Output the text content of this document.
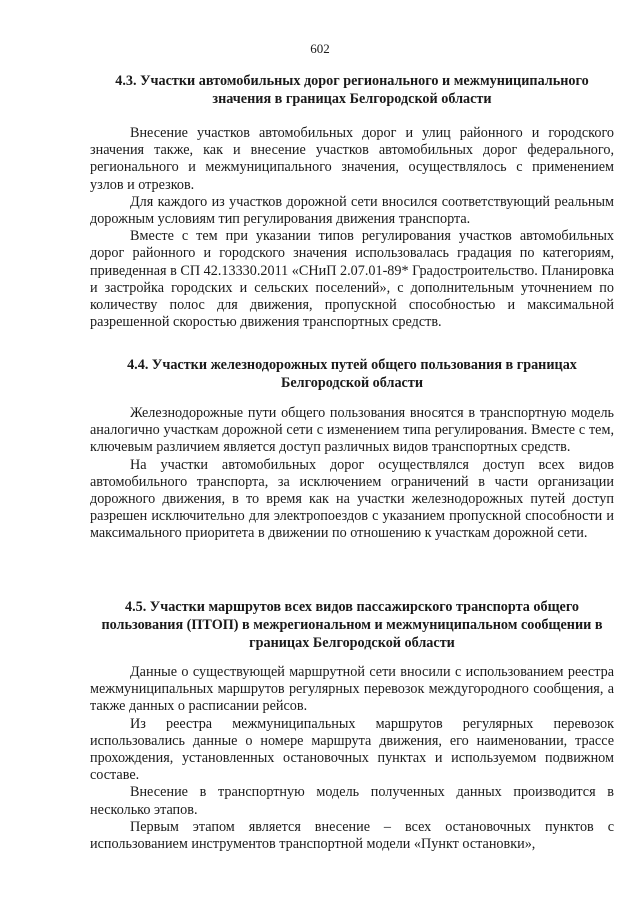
602

4.3. Участки автомобильных дорог регионального и межмуниципального значения в границах Белгородской области

Внесение участков автомобильных дорог и улиц районного и городского значения также, как и внесение участков автомобильных дорог федерального, регионального и межмуниципального значения, осуществлялось с применением узлов и отрезков.

Для каждого из участков дорожной сети вносился соответствующий реальным дорожным условиям тип регулирования движения транспорта.

Вместе с тем при указании типов регулирования участков автомобильных дорог районного и городского значения использовалась градация по категориям, приведенная в СП 42.13330.2011 «СНиП 2.07.01-89* Градостроительство. Планировка и застройка городских и сельских поселений», с дополнительным уточнением по количеству полос для движения, пропускной способностью и максимальной разрешенной скоростью движения транспортных средств.

4.4. Участки железнодорожных путей общего пользования в границах Белгородской области

Железнодорожные пути общего пользования вносятся в транспортную модель аналогично участкам дорожной сети с изменением типа регулирования. Вместе с тем, ключевым различием является доступ различных видов транспортных средств.

На участки автомобильных дорог осуществлялся доступ всех видов автомобильного транспорта, за исключением ограничений в части организации дорожного движения, в то время как на участки железнодорожных путей доступ разрешен исключительно для электропоездов с указанием пропускной способности и максимального приоритета в движении по отношению к участкам дорожной сети.

4.5. Участки маршрутов всех видов пассажирского транспорта общего пользования (ПТОП) в межрегиональном и межмуниципальном сообщении в границах Белгородской области

Данные о существующей маршрутной сети вносили с использованием реестра межмуниципальных маршрутов регулярных перевозок междугородного сообщения, а также данных о расписании рейсов.

Из реестра межмуниципальных маршрутов регулярных перевозок использовались данные о номере маршрута движения, его наименовании, трассе прохождения, установленных остановочных пунктах и используемом подвижном составе.

Внесение в транспортную модель полученных данных производится в несколько этапов.

Первым этапом является внесение – всех остановочных пунктов с использованием инструментов транспортной модели «Пункт остановки»,
